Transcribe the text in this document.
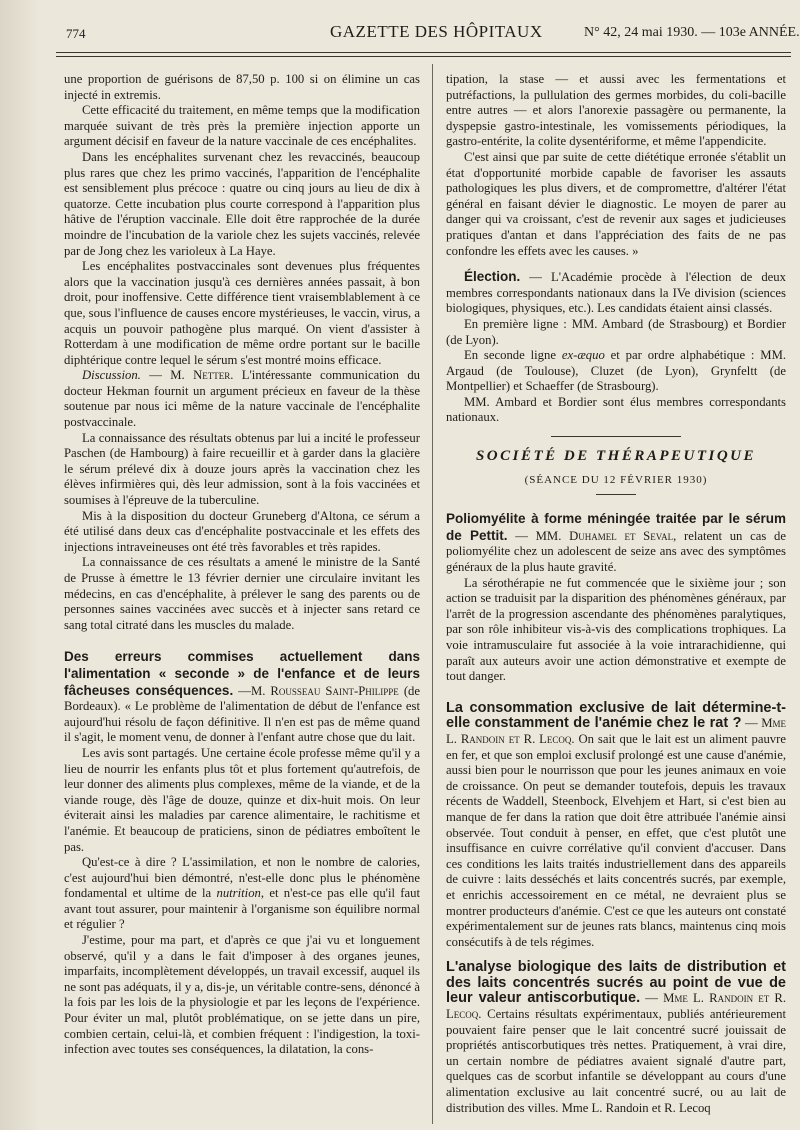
774	GAZETTE DES HÔPITAUX	N° 42, 24 mai 1930. — 103e ANNÉE.

une proportion de guérisons de 87,50 p. 100 si on élimine un cas injecté in extremis.

Cette efficacité du traitement, en même temps que la modification marquée suivant de très près la première injection apporte un argument décisif en faveur de la nature vaccinale de ces encéphalites.

Dans les encéphalites survenant chez les revaccinés, beaucoup plus rares que chez les primo vaccinés, l'apparition de l'encéphalite est sensiblement plus précoce : quatre ou cinq jours au lieu de dix à quatorze. Cette incubation plus courte correspond à l'apparition plus hâtive de l'éruption vaccinale. Elle doit être rapprochée de la durée moindre de l'incubation de la variole chez les sujets vaccinés, relevée par de Jong chez les varioleux à La Haye.

Les encéphalites postvaccinales sont devenues plus fréquentes alors que la vaccination jusqu'à ces dernières années passait, à bon droit, pour inoffensive. Cette différence tient vraisemblablement à ce que, sous l'influence de causes encore mystérieuses, le vaccin, virus, a acquis un pouvoir pathogène plus marqué. On vient d'assister à Rotterdam à une modification de même ordre portant sur le bacille diphtérique contre lequel le sérum s'est montré moins efficace.

Discussion. — M. Netter. L'intéressante communication du docteur Hekman fournit un argument précieux en faveur de la thèse soutenue par nous ici même de la nature vaccinale de l'encéphalite postvaccinale.

La connaissance des résultats obtenus par lui a incité le professeur Paschen (de Hambourg) à faire recueillir et à garder dans la glacière le sérum prélevé dix à douze jours après la vaccination chez les élèves infirmières qui, dès leur admission, sont à la fois vaccinées et soumises à l'épreuve de la tuberculine.

Mis à la disposition du docteur Gruneberg d'Altona, ce sérum a été utilisé dans deux cas d'encéphalite postvaccinale et les effets des injections intraveineuses ont été très favorables et très rapides.

La connaissance de ces résultats a amené le ministre de la Santé de Prusse à émettre le 13 février dernier une circulaire invitant les médecins, en cas d'encéphalite, à prélever le sang des parents ou de personnes saines vaccinées avec succès et à injecter sans retard ce sang total citraté dans les muscles du malade.

Des erreurs commises actuellement dans l'alimentation « seconde » de l'enfance et de leurs fâcheuses conséquences. —M. Rousseau Saint-Philippe (de Bordeaux). « Le problème de l'alimentation de début de l'enfance est aujourd'hui résolu de façon définitive. Il n'en est pas de même quand il s'agit, le moment venu, de donner à l'enfant autre chose que du lait.

Les avis sont partagés. Une certaine école professe même qu'il y a lieu de nourrir les enfants plus tôt et plus fortement qu'autrefois, de leur donner des aliments plus complexes, même de la viande, et de la viande rouge, dès l'âge de douze, quinze et dix-huit mois. On leur éviterait ainsi les maladies par carence alimentaire, le rachitisme et l'anémie. Et beaucoup de praticiens, sinon de pédiatres emboîtent le pas.

Qu'est-ce à dire ? L'assimilation, et non le nombre de calories, c'est aujourd'hui bien démontré, n'est-elle donc plus le phénomène fondamental et ultime de la nutrition, et n'est-ce pas elle qu'il faut avant tout assurer, pour maintenir à l'organisme son équilibre normal et régulier ?

J'estime, pour ma part, et d'après ce que j'ai vu et longuement observé, qu'il y a dans le fait d'imposer à des organes jeunes, imparfaits, incomplètement développés, un travail excessif, auquel ils ne sont pas adéquats, il y a, dis-je, un véritable contre-sens, dénoncé à la fois par les lois de la physiologie et par les leçons de l'expérience. Pour éviter un mal, plutôt problématique, on se jette dans un pire, combien certain, celui-là, et combien fréquent : l'indigestion, la toxi-infection avec toutes ses conséquences, la dilatation, la cons-

tipation, la stase — et aussi avec les fermentations et putréfactions, la pullulation des germes morbides, du coli-bacille entre autres — et alors l'anorexie passagère ou permanente, la dyspepsie gastro-intestinale, les vomissements périodiques, la gastro-entérite, la colite dysentériforme, et même l'appendicite.

C'est ainsi que par suite de cette diététique erronée s'établit un état d'opportunité morbide capable de favoriser les assauts pathologiques les plus divers, et de compromettre, d'altérer l'état général en faisant dévier le diagnostic. Le moyen de parer au danger qui va croissant, c'est de revenir aux sages et judicieuses pratiques d'antan et dans l'appréciation des faits de ne pas confondre les effets avec les causes. »

Élection. — L'Académie procède à l'élection de deux membres correspondants nationaux dans la IVe division (sciences biologiques, physiques, etc.). Les candidats étaient ainsi classés.

En première ligne : MM. Ambard (de Strasbourg) et Bordier (de Lyon).

En seconde ligne ex-æquo et par ordre alphabétique : MM. Argaud (de Toulouse), Cluzet (de Lyon), Grynfeltt (de Montpellier) et Schaeffer (de Strasbourg).

MM. Ambard et Bordier sont élus membres correspondants nationaux.

SOCIÉTÉ DE THÉRAPEUTIQUE
(SÉANCE DU 12 FÉVRIER 1930)

Poliomyélite à forme méningée traitée par le sérum de Pettit. — MM. Duhamel et Seval, relatent un cas de poliomyélite chez un adolescent de seize ans avec des symptômes généraux de la plus haute gravité.

La sérothérapie ne fut commencée que le sixième jour ; son action se traduisit par la disparition des phénomènes généraux, par l'arrêt de la progression ascendante des phénomènes paralytiques, par son rôle inhibiteur vis-à-vis des complications trophiques. La voie intramusculaire fut associée à la voie intrarachidienne, qui paraît aux auteurs avoir une action démonstrative et exempte de tout danger.

La consommation exclusive de lait détermine-t-elle constamment de l'anémie chez le rat ? — Mme L. Randoin et R. Lecoq. On sait que le lait est un aliment pauvre en fer, et que son emploi exclusif prolongé est une cause d'anémie, aussi bien pour le nourrisson que pour les jeunes animaux en voie de croissance. On peut se demander toutefois, depuis les travaux récents de Waddell, Steenbock, Elvehjem et Hart, si c'est bien au manque de fer dans la ration que doit être attribuée l'anémie ainsi observée. Tout conduit à penser, en effet, que c'est plutôt une insuffisance en cuivre corrélative qu'il convient d'accuser. Dans ces conditions les laits traités industriellement dans des appareils de cuivre : laits desséchés et laits concentrés sucrés, par exemple, et enrichis accessoirement en ce métal, ne devraient plus se montrer producteurs d'anémie. C'est ce que les auteurs ont constaté expérimentalement sur de jeunes rats blancs, maintenus cinq mois consécutifs à de tels régimes.

L'analyse biologique des laits de distribution et des laits concentrés sucrés au point de vue de leur valeur antiscorbutique. — Mme L. Randoin et R. Lecoq. Certains résultats expérimentaux, publiés antérieurement pouvaient faire penser que le lait concentré sucré jouissait de propriétés antiscorbutiques très nettes. Pratiquement, à vrai dire, un certain nombre de pédiatres avaient signalé d'autre part, quelques cas de scorbut infantile se développant au cours d'une alimentation exclusive au lait concentré sucré, ou au lait de distribution des villes. Mme L. Randoin et R. Lecoq
